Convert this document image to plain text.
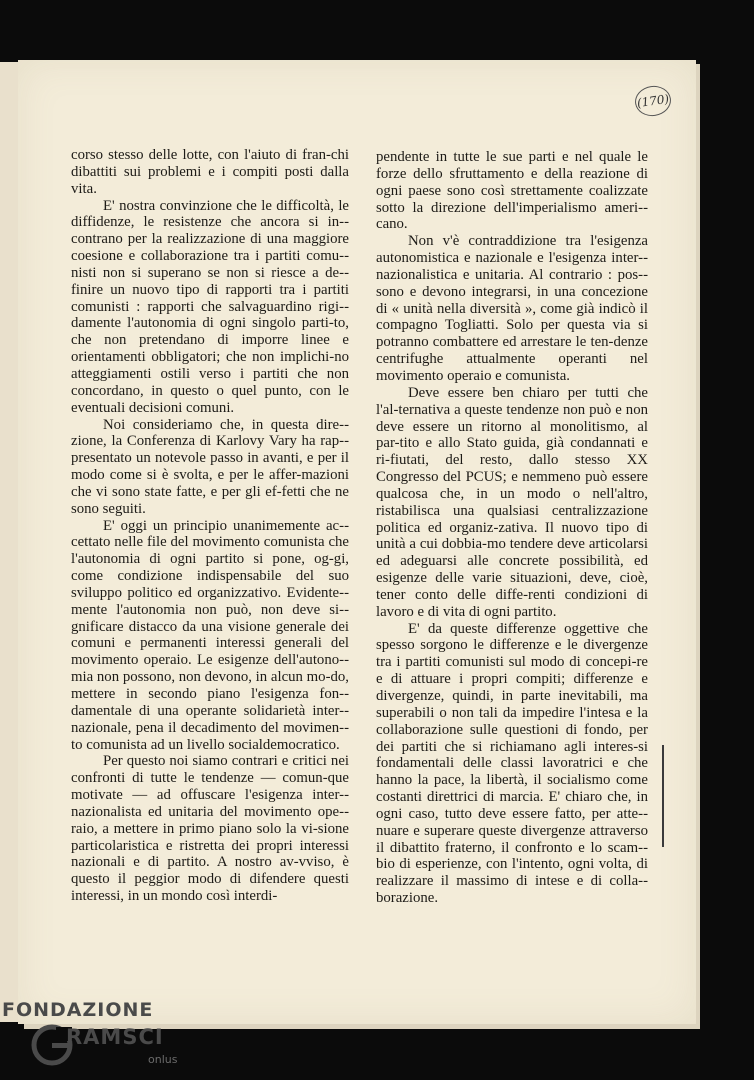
(170)

corso stesso delle lotte, con l'aiuto di fran-chi dibattiti sui problemi e i compiti posti dalla vita.

E' nostra convinzione che le difficoltà, le diffidenze, le resistenze che ancora si in-contrano per la realizzazione di una maggiore coesione e collaborazione tra i partiti comu-nisti non si superano se non si riesce a de-finire un nuovo tipo di rapporti tra i partiti comunisti : rapporti che salvaguardino rigi-damente l'autonomia di ogni singolo parti-to, che non pretendano di imporre linee e orientamenti obbligatori; che non implichi-no atteggiamenti ostili verso i partiti che non concordano, in questo o quel punto, con le eventuali decisioni comuni.

Noi consideriamo che, in questa dire-zione, la Conferenza di Karlovy Vary ha rap-presentato un notevole passo in avanti, e per il modo come si è svolta, e per le affer-mazioni che vi sono state fatte, e per gli ef-fetti che ne sono seguiti.

E' oggi un principio unanimemente ac-cettato nelle file del movimento comunista che l'autonomia di ogni partito si pone, og-gi, come condizione indispensabile del suo sviluppo politico ed organizzativo. Evidente-mente l'autonomia non può, non deve si-gnificare distacco da una visione generale dei comuni e permanenti interessi generali del movimento operaio. Le esigenze dell'autono-mia non possono, non devono, in alcun mo-do, mettere in secondo piano l'esigenza fon-damentale di una operante solidarietà inter-nazionale, pena il decadimento del movimen-to comunista ad un livello socialdemocratico.

Per questo noi siamo contrari e critici nei confronti di tutte le tendenze — comun-que motivate — ad offuscare l'esigenza inter-nazionalista ed unitaria del movimento ope-raio, a mettere in primo piano solo la vi-sione particolaristica e ristretta dei propri interessi nazionali e di partito. A nostro av-vviso, è questo il peggior modo di difendere questi interessi, in un mondo così interdi-

pendente in tutte le sue parti e nel quale le forze dello sfruttamento e della reazione di ogni paese sono così strettamente coalizzate sotto la direzione dell'imperialismo ameri-cano.

Non v'è contraddizione tra l'esigenza autonomistica e nazionale e l'esigenza inter-nazionalistica e unitaria. Al contrario : pos-sono e devono integrarsi, in una concezione di « unità nella diversità », come già indicò il compagno Togliatti. Solo per questa via si potranno combattere ed arrestare le ten-denze centrifughe attualmente operanti nel movimento operaio e comunista.

Deve essere ben chiaro per tutti che l'al-ternativa a queste tendenze non può e non deve essere un ritorno al monolitismo, al par-tito e allo Stato guida, già condannati e ri-fiutati, del resto, dallo stesso XX Congresso del PCUS; e nemmeno può essere qualcosa che, in un modo o nell'altro, ristabilisca una qualsiasi centralizzazione politica ed organiz-zativa. Il nuovo tipo di unità a cui dobbia-mo tendere deve articolarsi ed adeguarsi alle concrete possibilità, ed esigenze delle varie situazioni, deve, cioè, tener conto delle diffe-renti condizioni di lavoro e di vita di ogni partito.

E' da queste differenze oggettive che spesso sorgono le differenze e le divergenze tra i partiti comunisti sul modo di concepi-re e di attuare i propri compiti; differenze e divergenze, quindi, in parte inevitabili, ma superabili o non tali da impedire l'intesa e la collaborazione sulle questioni di fondo, per dei partiti che si richiamano agli interes-si fondamentali delle classi lavoratrici e che hanno la pace, la libertà, il socialismo come costanti direttrici di marcia. E' chiaro che, in ogni caso, tutto deve essere fatto, per atte-nuare e superare queste divergenze attraverso il dibattito fraterno, il confronto e lo scam-bio di esperienze, con l'intento, ogni volta, di realizzare il massimo di intese e di colla-borazione.

FONDAZIONE
RAMSCI
onlus
